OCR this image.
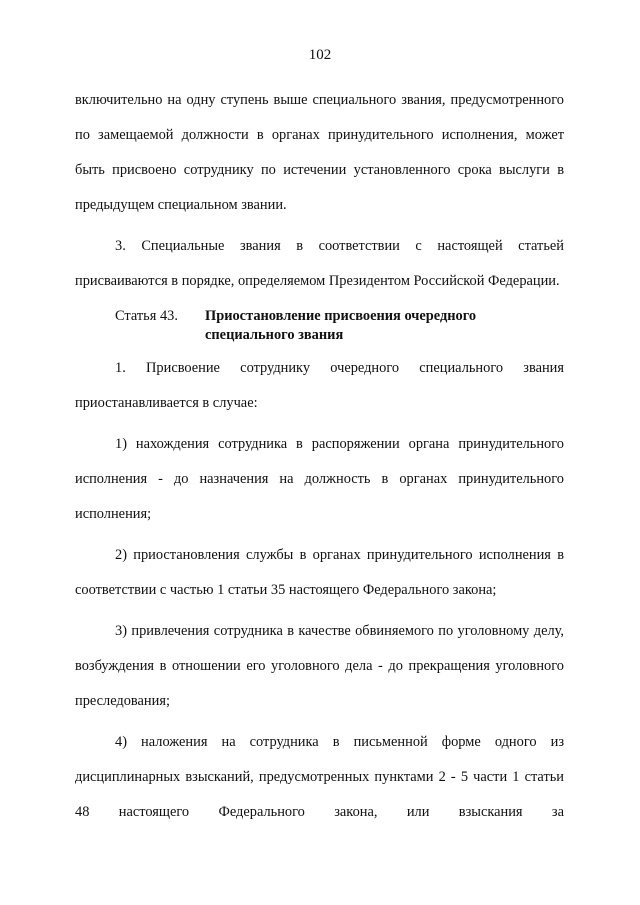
102

включительно на одну ступень выше специального звания, предусмотренного по замещаемой должности в органах принудительного исполнения, может быть присвоено сотруднику по истечении установленного срока выслуги в предыдущем специальном звании.

3. Специальные звания в соответствии с настоящей статьей присваиваются в порядке, определяемом Президентом Российской Федерации.

Статья 43.	Приостановление присвоения очередного специального звания

1. Присвоение сотруднику очередного специального звания приостанавливается в случае:

1) нахождения сотрудника в распоряжении органа принудительного исполнения - до назначения на должность в органах принудительного исполнения;

2) приостановления службы в органах принудительного исполнения в соответствии с частью 1 статьи 35 настоящего Федерального закона;

3) привлечения сотрудника в качестве обвиняемого по уголовному делу, возбуждения в отношении его уголовного дела - до прекращения уголовного преследования;

4) наложения на сотрудника в письменной форме одного из дисциплинарных взысканий, предусмотренных пунктами 2 - 5 части 1 статьи 48 настоящего Федерального закона, или взыскания за
